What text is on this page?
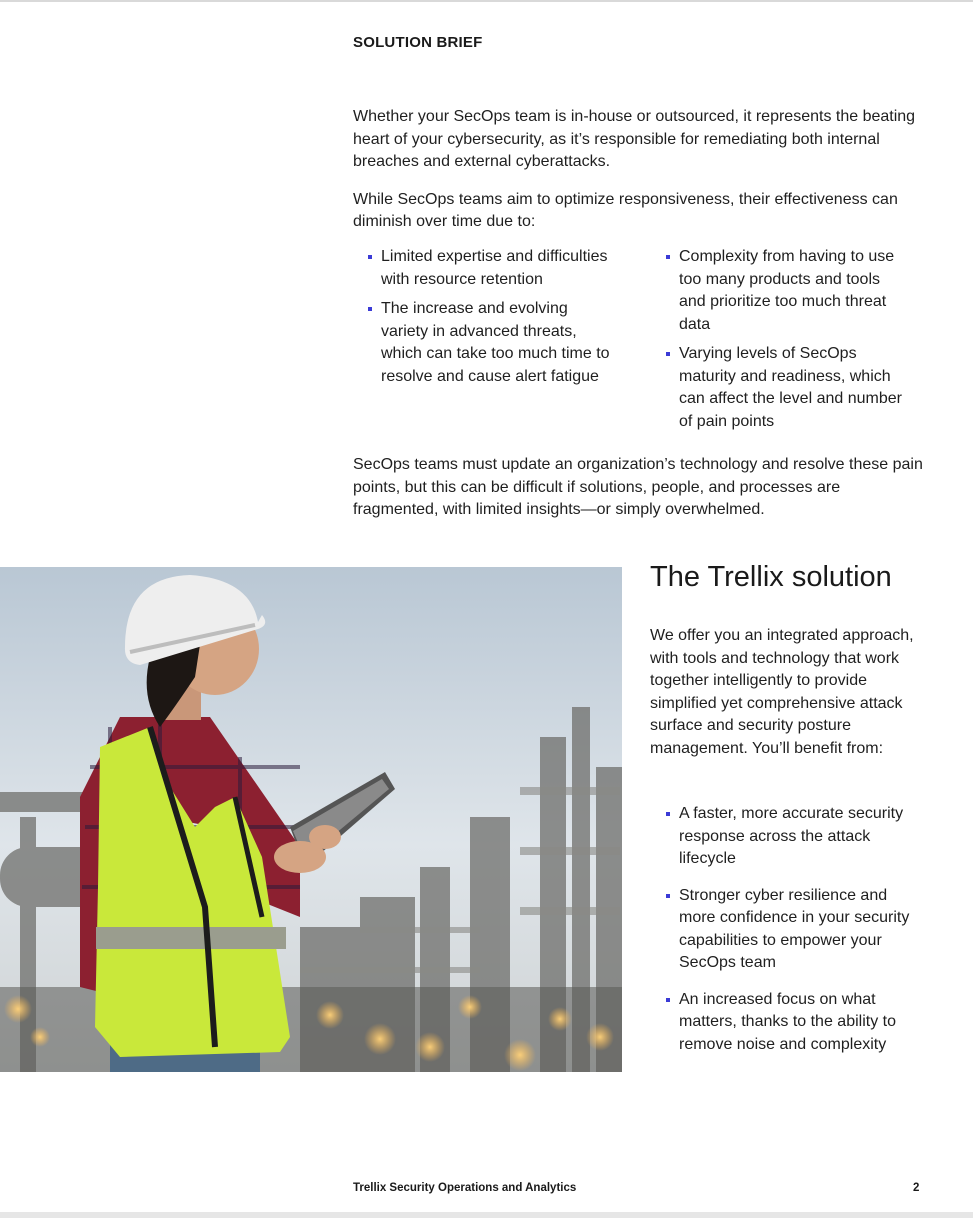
SOLUTION BRIEF

Whether your SecOps team is in-house or outsourced, it represents the beating heart of your cybersecurity, as it’s responsible for remediating both internal breaches and external cyberattacks.

While SecOps teams aim to optimize responsiveness, their effectiveness can diminish over time due to:

Limited expertise and difficulties with resource retention
The increase and evolving variety in advanced threats, which can take too much time to resolve and cause alert fatigue
Complexity from having to use too many products and tools and prioritize too much threat data
Varying levels of SecOps maturity and readiness, which can affect the level and number of pain points

SecOps teams must update an organization’s technology and resolve these pain points, but this can be difficult if solutions, people, and processes are fragmented, with limited insights—or simply overwhelmed.

The Trellix solution

We offer you an integrated approach, with tools and technology that work together intelligently to provide simplified yet comprehensive attack surface and security posture management. You’ll benefit from:

A faster, more accurate security response across the attack lifecycle
Stronger cyber resilience and more confidence in your security capabilities to empower your SecOps team
An increased focus on what matters, thanks to the ability to remove noise and complexity
Trellix Security Operations and Analytics	2
